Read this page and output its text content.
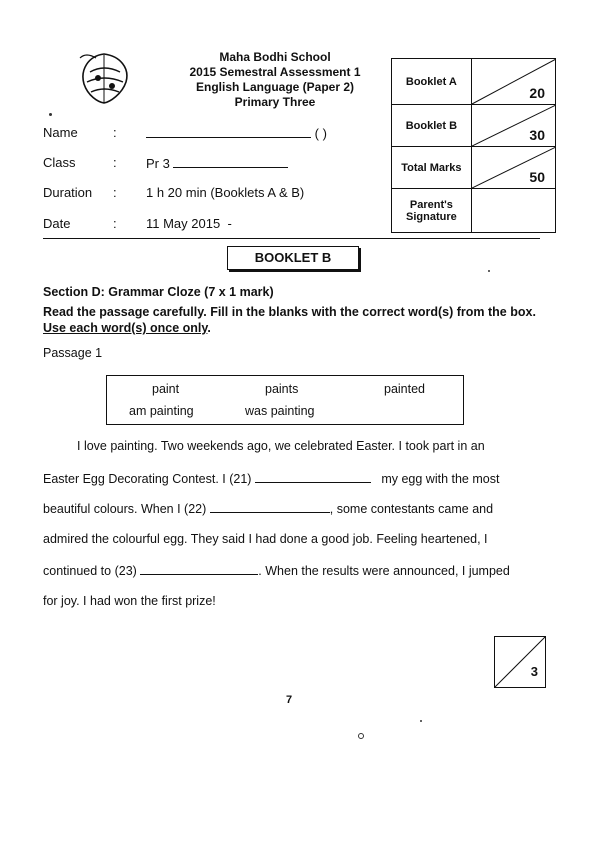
Maha Bodhi School
2015 Semestral Assessment 1
English Language (Paper 2)
Primary Three
Name	:	( )
Class	: Pr 3
Duration : 1 h 20 min (Booklets A & B)
Date	: 11 May 2015 -
Booklet A	20

Booklet B	30

Total Marks	50

Parent's
Signature	

BOOKLET B
Section D: Grammar Cloze (7 x 1 mark)
Read the passage carefully. Fill in the blanks with the correct word(s) from the box. Use each word(s) once only.
Passage 1
paint	paints	painted
am painting	was painting
I love painting. Two weekends ago, we celebrated Easter. I took part in an
Easter Egg Decorating Contest. I (21)	my egg with the most
beautiful colours. When I (22)	, some contestants came and
admired the colourful egg. They said I had done a good job. Feeling heartened, I
continued to (23)	. When the results were announced, I jumped
for joy. I had won the first prize!
3
7
